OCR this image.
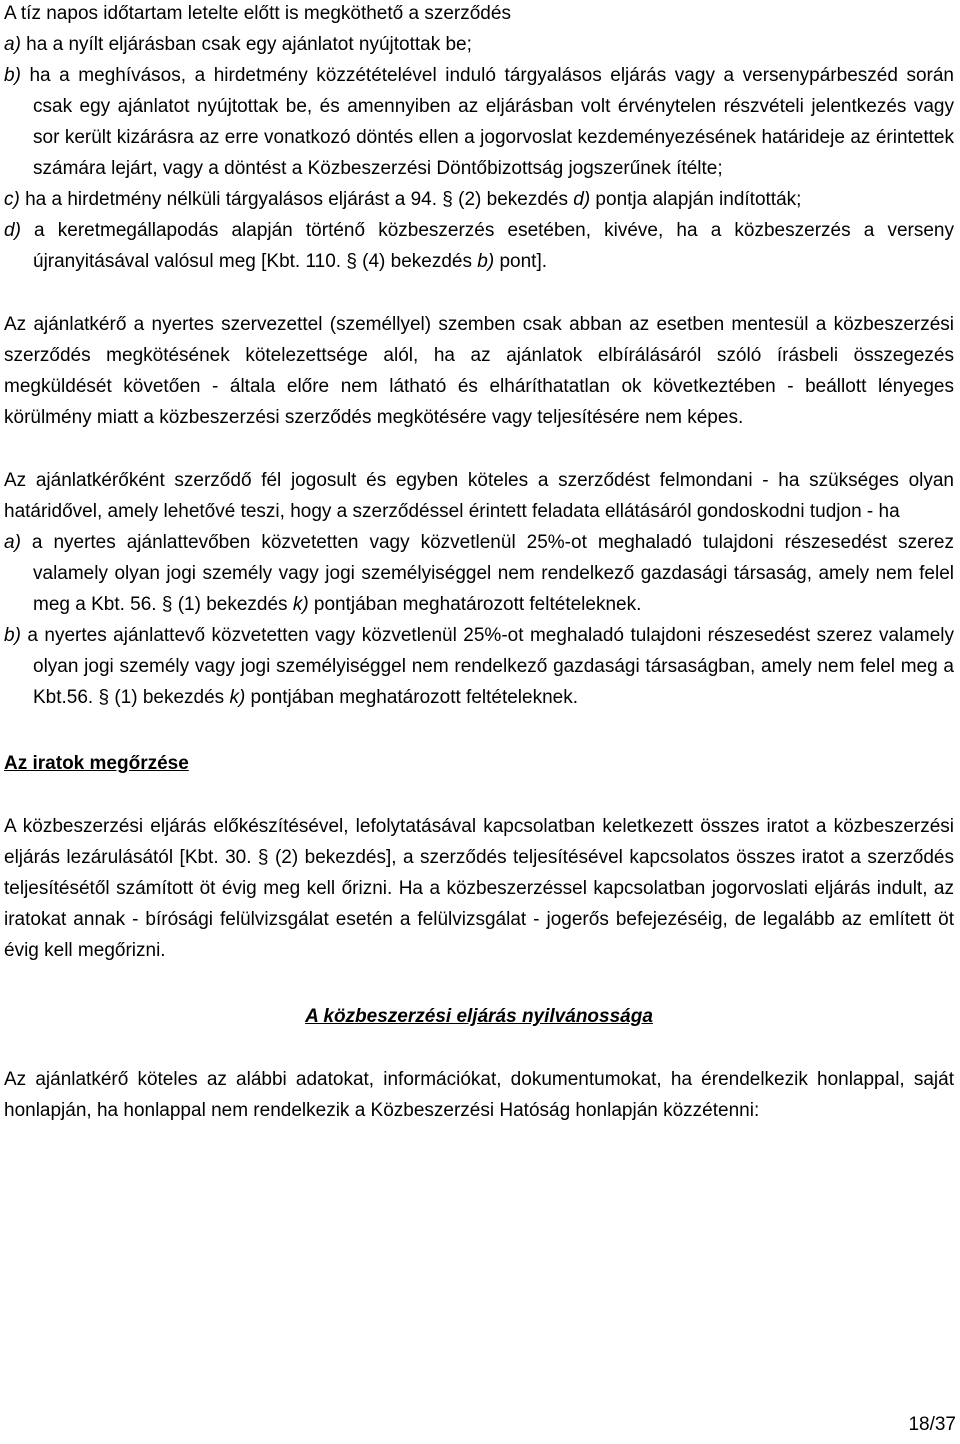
A tíz napos időtartam letelte előtt is megköthető a szerződés

a) ha a nyílt eljárásban csak egy ajánlatot nyújtottak be;

b) ha a meghívásos, a hirdetmény közzétételével induló tárgyalásos eljárás vagy a versenypárbeszéd során csak egy ajánlatot nyújtottak be, és amennyiben az eljárásban volt érvénytelen részvételi jelentkezés vagy sor került kizárásra az erre vonatkozó döntés ellen a jogorvoslat kezdeményezésének határideje az érintettek számára lejárt, vagy a döntést a Közbeszerzési Döntőbizottság jogszerűnek ítélte;

c) ha a hirdetmény nélküli tárgyalásos eljárást a 94. § (2) bekezdés d) pontja alapján indították;

d) a keretmegállapodás alapján történő közbeszerzés esetében, kivéve, ha a közbeszerzés a verseny újranyitásával valósul meg [Kbt. 110. § (4) bekezdés b) pont].

Az ajánlatkérő a nyertes szervezettel (személlyel) szemben csak abban az esetben mentesül a közbeszerzési szerződés megkötésének kötelezettsége alól, ha az ajánlatok elbírálásáról szóló írásbeli összegezés megküldését követően - általa előre nem látható és elháríthatatlan ok következtében - beállott lényeges körülmény miatt a közbeszerzési szerződés megkötésére vagy teljesítésére nem képes.

Az ajánlatkérőként szerződő fél jogosult és egyben köteles a szerződést felmondani - ha szükséges olyan határidővel, amely lehetővé teszi, hogy a szerződéssel érintett feladata ellátásáról gondoskodni tudjon - ha

a) a nyertes ajánlattevőben közvetetten vagy közvetlenül 25%-ot meghaladó tulajdoni részesedést szerez valamely olyan jogi személy vagy jogi személyiséggel nem rendelkező gazdasági társaság, amely nem felel meg a Kbt. 56. § (1) bekezdés k) pontjában meghatározott feltételeknek.

b) a nyertes ajánlattevő közvetetten vagy közvetlenül 25%-ot meghaladó tulajdoni részesedést szerez valamely olyan jogi személy vagy jogi személyiséggel nem rendelkező gazdasági társaságban, amely nem felel meg a Kbt.56. § (1) bekezdés k) pontjában meghatározott feltételeknek.

Az iratok megőrzése

A közbeszerzési eljárás előkészítésével, lefolytatásával kapcsolatban keletkezett összes iratot a közbeszerzési eljárás lezárulásától [Kbt. 30. § (2) bekezdés], a szerződés teljesítésével kapcsolatos összes iratot a szerződés teljesítésétől számított öt évig meg kell őrizni. Ha a közbeszerzéssel kapcsolatban jogorvoslati eljárás indult, az iratokat annak - bírósági felülvizsgálat esetén a felülvizsgálat - jogerős befejezéséig, de legalább az említett öt évig kell megőrizni.

A közbeszerzési eljárás nyilvánossága

Az ajánlatkérő köteles az alábbi adatokat, információkat, dokumentumokat, ha érendelkezik honlappal, saját honlapján, ha honlappal nem rendelkezik a Közbeszerzési Hatóság honlapján közzétenni:

18/37
